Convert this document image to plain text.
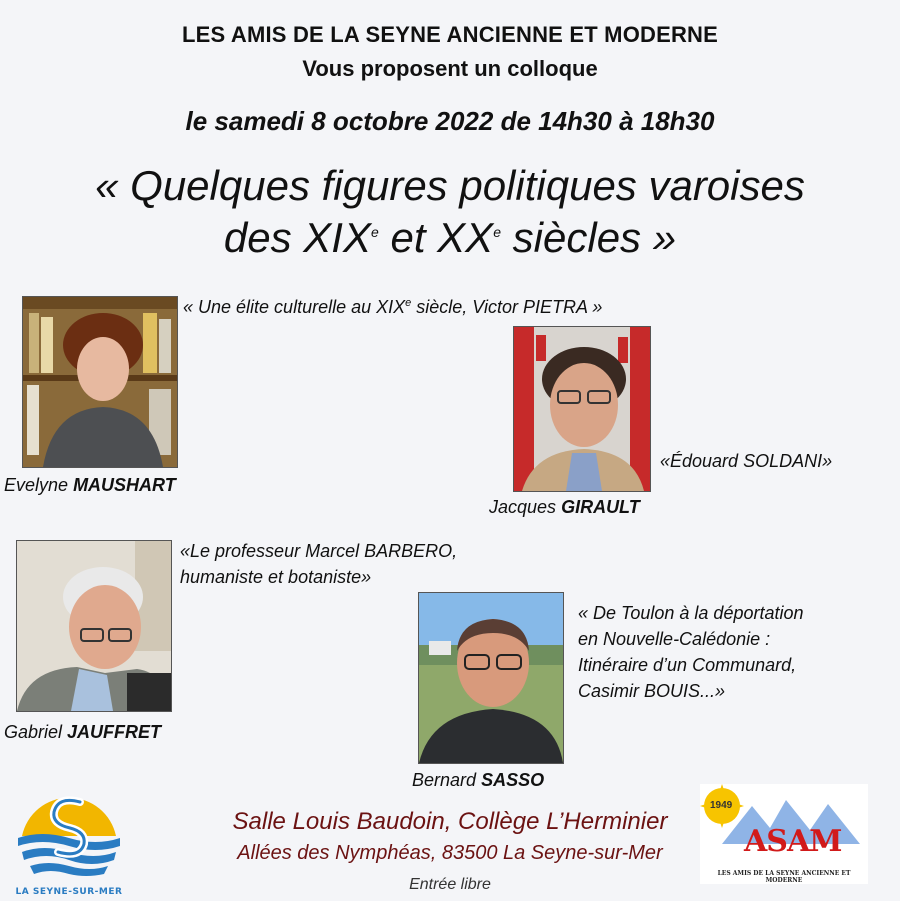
LES AMIS DE LA SEYNE ANCIENNE ET MODERNE
Vous proposent un colloque
le samedi 8 octobre 2022 de 14h30 à 18h30
« Quelques figures politiques varoises
des XIXe et XXe siècles »
« Une élite culturelle au XIXe siècle, Victor PIETRA »
Evelyne MAUSHART
«Édouard SOLDANI»
Jacques GIRAULT
«Le professeur Marcel BARBERO,
humaniste et botaniste»
Gabriel JAUFFRET
« De Toulon à la déportation
en Nouvelle-Calédonie :
Itinéraire d’un Communard,
Casimir BOUIS...»
Bernard SASSO
LA SEYNE-SUR-MER
Salle Louis Baudoin, Collège L’Herminier
Allées des Nymphéas, 83500 La Seyne-sur-Mer
Entrée libre
1949
ASAM
LES AMIS DE LA SEYNE ANCIENNE ET MODERNE
